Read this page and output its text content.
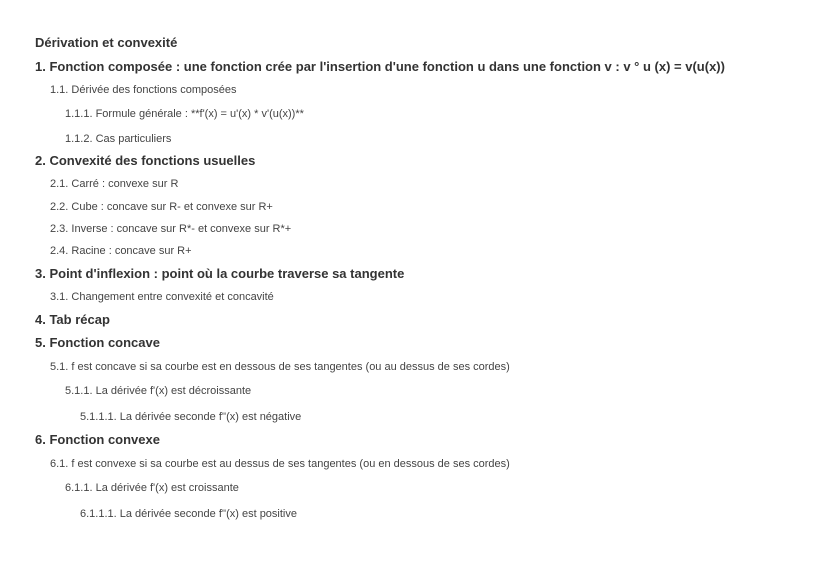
Dérivation et convexité
1. Fonction composée : une fonction crée par l'insertion d'une fonction u dans une fonction v : v ° u (x) = v(u(x))
1.1. Dérivée des fonctions composées
1.1.1. Formule générale : **f'(x) = u'(x) * v'(u(x))**
1.1.2. Cas particuliers
2. Convexité des fonctions usuelles
2.1. Carré : convexe sur R
2.2. Cube : concave sur R- et convexe sur R+
2.3. Inverse : concave sur R*- et convexe sur R*+
2.4. Racine : concave sur R+
3. Point d'inflexion : point où la courbe traverse sa tangente
3.1. Changement entre convexité et concavité
4. Tab récap
5. Fonction concave
5.1. f est concave si sa courbe est en dessous de ses tangentes (ou au dessus de ses cordes)
5.1.1. La dérivée f'(x) est décroissante
5.1.1.1. La dérivée seconde f''(x) est négative
6. Fonction convexe
6.1. f est convexe si sa courbe est au dessus de ses tangentes (ou en dessous de ses cordes)
6.1.1. La dérivée f'(x) est croissante
6.1.1.1. La dérivée seconde f''(x) est positive
